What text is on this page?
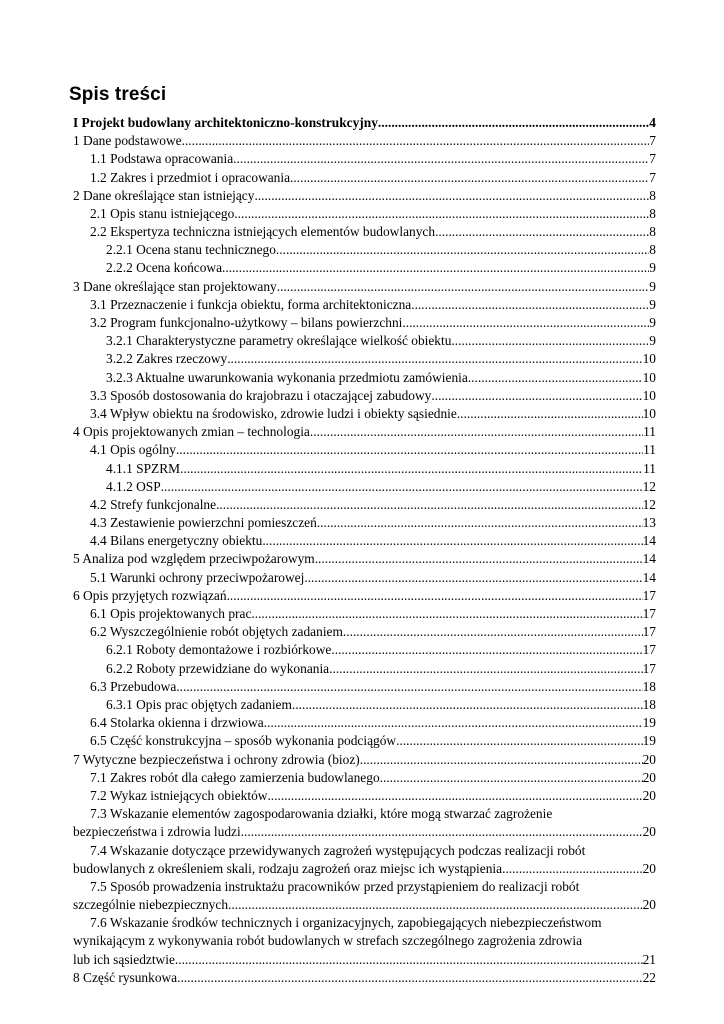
Spis treści
I Projekt budowlany architektoniczno-konstrukcyjny .....	4
1 Dane podstawowe .....	7
1.1 Podstawa opracowania .....	7
1.2 Zakres i przedmiot i opracowania .....	7
2 Dane określające stan istniejący .....	8
2.1 Opis stanu istniejącego .....	8
2.2 Ekspertyza techniczna istniejących elementów budowlanych .....	8
2.2.1 Ocena stanu technicznego .....	8
2.2.2 Ocena końcowa .....	9
3 Dane określające stan projektowany .....	9
3.1 Przeznaczenie i funkcja obiektu, forma architektoniczna .....	9
3.2 Program funkcjonalno-użytkowy – bilans powierzchni .....	9
3.2.1 Charakterystyczne parametry określające wielkość obiektu .....	9
3.2.2 Zakres rzeczowy .....	10
3.2.3 Aktualne uwarunkowania wykonania przedmiotu zamówienia .....	10
3.3 Sposób dostosowania do krajobrazu i otaczającej zabudowy .....	10
3.4 Wpływ obiektu na środowisko, zdrowie ludzi i obiekty sąsiednie .....	10
4 Opis projektowanych zmian – technologia .....	11
4.1 Opis ogólny .....	11
4.1.1 SPZRM .....	11
4.1.2 OSP .....	12
4.2 Strefy funkcjonalne .....	12
4.3 Zestawienie powierzchni pomieszczeń .....	13
4.4 Bilans energetyczny obiektu .....	14
5 Analiza pod względem przeciwpożarowym .....	14
5.1 Warunki ochrony przeciwpożarowej .....	14
6 Opis przyjętych rozwiązań .....	17
6.1 Opis projektowanych prac .....	17
6.2 Wyszczególnienie robót objętych zadaniem .....	17
6.2.1 Roboty demontażowe i rozbiórkowe .....	17
6.2.2 Roboty przewidziane do wykonania .....	17
6.3 Przebudowa .....	18
6.3.1 Opis prac objętych zadaniem .....	18
6.4 Stolarka okienna i drzwiowa .....	19
6.5 Część konstrukcyjna – sposób wykonania podciągów .....	19
7 Wytyczne bezpieczeństwa i ochrony zdrowia (bioz) .....	20
7.1 Zakres robót dla całego zamierzenia budowlanego .....	20
7.2 Wykaz istniejących obiektów .....	20
7.3 Wskazanie elementów zagospodarowania działki, które mogą stwarzać zagrożenie
bezpieczeństwa i zdrowia ludzi .....	20
7.4 Wskazanie dotyczące przewidywanych zagrożeń występujących podczas realizacji robót
budowlanych z określeniem skali, rodzaju zagrożeń oraz miejsc ich wystąpienia .....	20
7.5 Sposób prowadzenia instruktażu pracowników przed przystąpieniem do realizacji robót
szczególnie niebezpiecznych .....	20
7.6 Wskazanie środków technicznych i organizacyjnych, zapobiegających niebezpieczeństwom
wynikającym z wykonywania robót budowlanych w strefach szczególnego zagrożenia zdrowia
lub ich sąsiedztwie .....	21
8 Część rysunkowa .....	22
